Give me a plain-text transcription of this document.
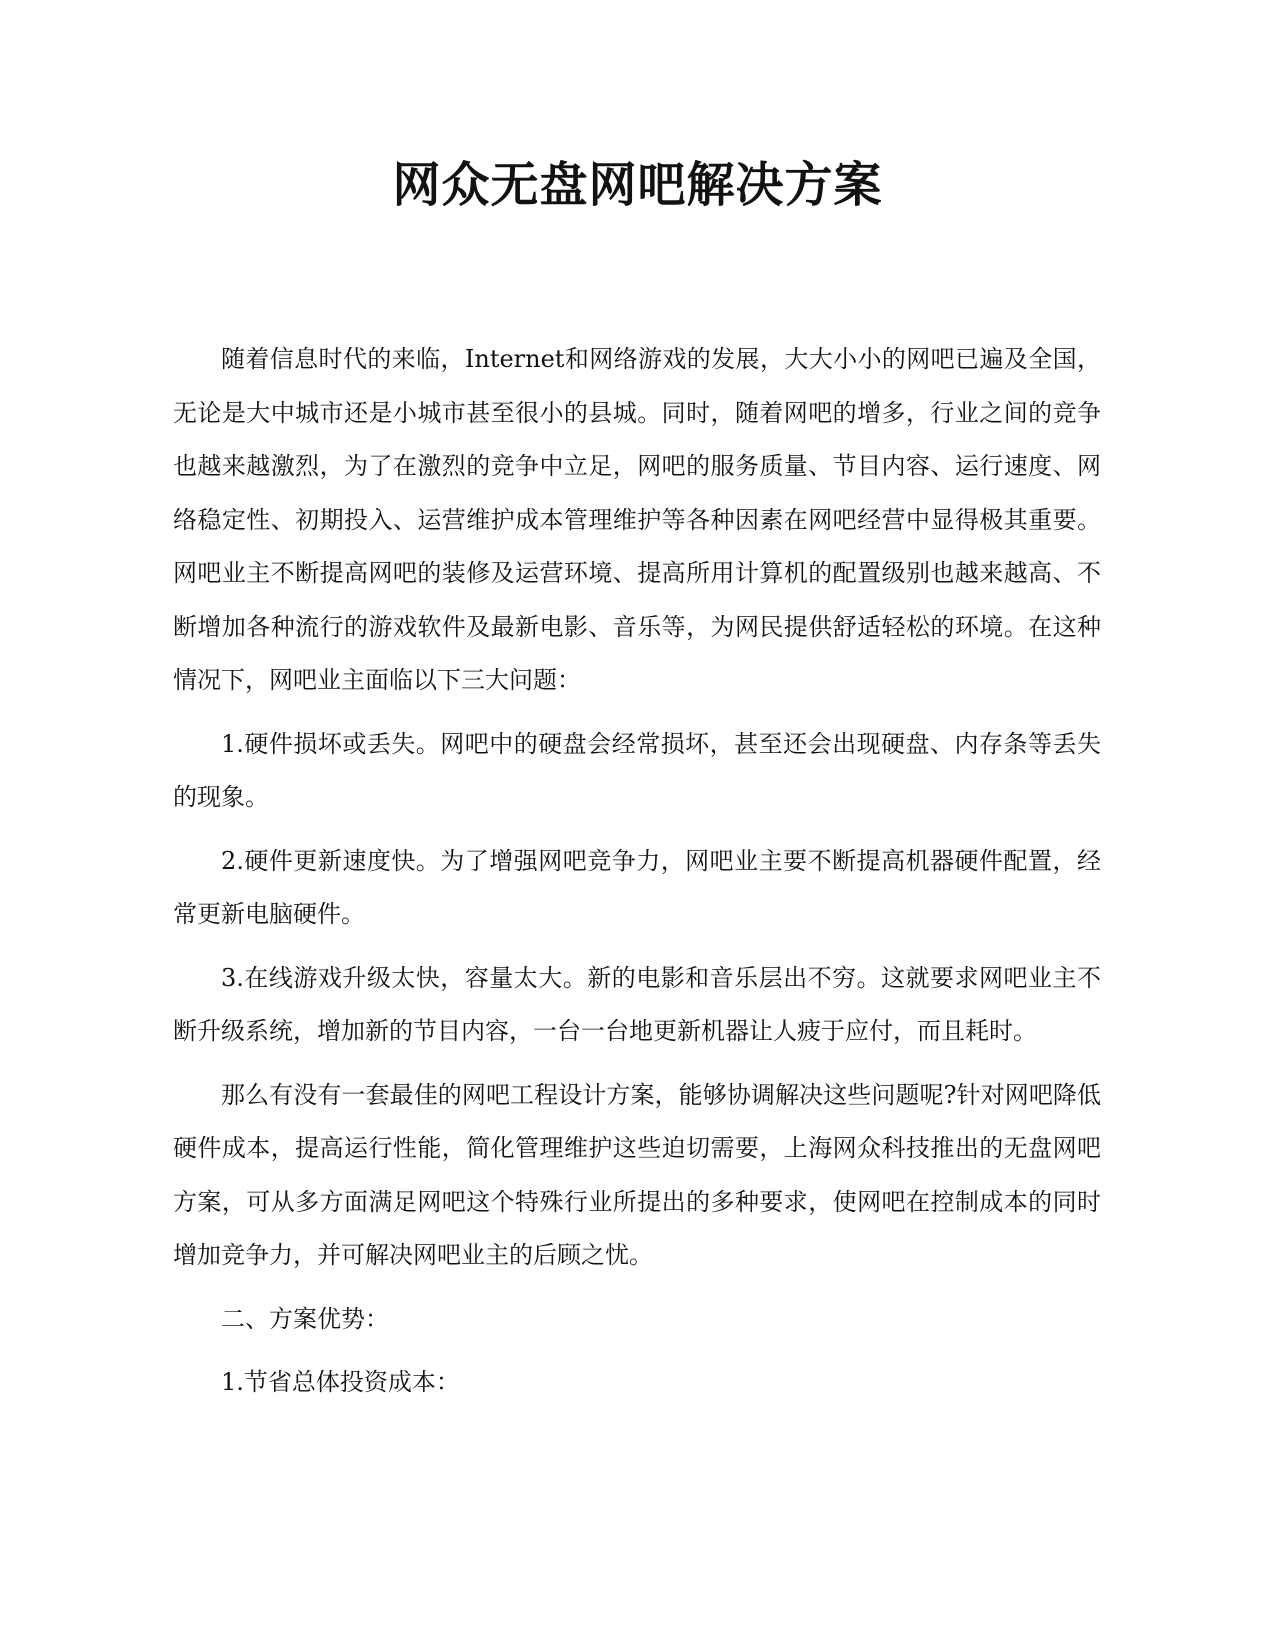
网众无盘网吧解决方案

随着信息时代的来临，Internet和网络游戏的发展，大大小小的网吧已遍及全国，无论是大中城市还是小城市甚至很小的县城。同时，随着网吧的增多，行业之间的竞争也越来越激烈，为了在激烈的竞争中立足，网吧的服务质量、节目内容、运行速度、网络稳定性、初期投入、运营维护成本管理维护等各种因素在网吧经营中显得极其重要。网吧业主不断提高网吧的装修及运营环境、提高所用计算机的配置级别也越来越高、不断增加各种流行的游戏软件及最新电影、音乐等，为网民提供舒适轻松的环境。在这种情况下，网吧业主面临以下三大问题：

1.硬件损坏或丢失。网吧中的硬盘会经常损坏，甚至还会出现硬盘、内存条等丢失的现象。

2.硬件更新速度快。为了增强网吧竞争力，网吧业主要不断提高机器硬件配置，经常更新电脑硬件。

3.在线游戏升级太快，容量太大。新的电影和音乐层出不穷。这就要求网吧业主不断升级系统，增加新的节目内容，一台一台地更新机器让人疲于应付，而且耗时。

那么有没有一套最佳的网吧工程设计方案，能够协调解决这些问题呢?针对网吧降低硬件成本，提高运行性能，简化管理维护这些迫切需要，上海网众科技推出的无盘网吧方案，可从多方面满足网吧这个特殊行业所提出的多种要求，使网吧在控制成本的同时增加竞争力，并可解决网吧业主的后顾之忧。

二、方案优势：

1.节省总体投资成本：
